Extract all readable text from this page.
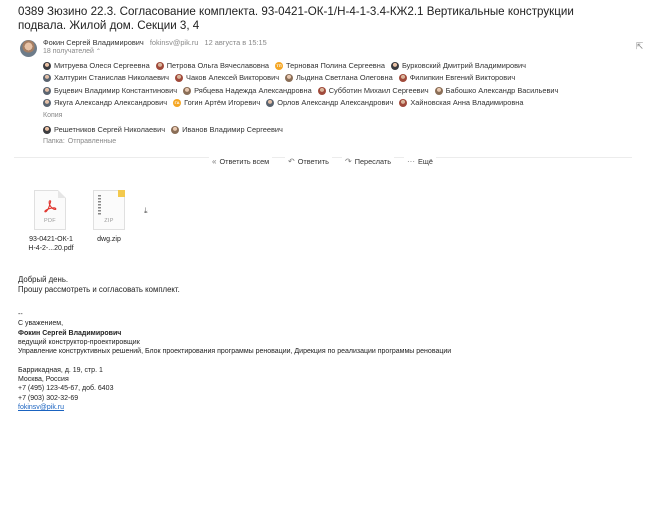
0389 Зюзино 22.3. Согласование комплекта. 93-0421-ОК-1/Н-4-1-3.4-КЖ2.1 Вертикальные конструкции подвала. Жилой дом. Секции 3, 4
⇱
Фокин Сергей Владимирович fokinsv@pik.ru 12 августа в 15:15
18 получателей ⌃
Митруева Олеся Сергеевна Петрова Ольга Вячеславовна	ТП Терновая Полина Сергеевна Бурковский Дмитрий Владимирович
Халтурин Станислав Николаевич Чаков Алексей Викторович Лыдина Светлана Олеговна Филипкин Евгений Викторович
Буцевич Владимир Константинович Рябцева Надежда Александровна Субботин Михаил Сергеевич Бабошко Александр Васильевич
Якуга Александр Александрович	ГА Гогин Артём Игоревич Орлов Александр Александрович Хайновская Анна Владимировна
Копия
Решетников Сергей Николаевич Иванов Владимир Сергеевич
Папка: Отправленные
« Ответить всем ↶ Ответить ↷ Переслать ··· Ещё
PDF
93-0421-ОК-1
Н-4-2-...20.pdf
ZIP
dwg.zip
⤓
Добрый день.
Прошу рассмотреть и согласовать комплект.
--
С уважением,
Фокин Сергей Владимирович
ведущий конструктор-проектировщик
Управление конструктивных решений, Блок проектирования программы реновации, Дирекция по реализации программы реновации
Баррикадная, д. 19, стр. 1
Москва, Россия
+7 (495) 123-45-67, доб. 6403
+7 (903) 302-32-69
fokinsv@pik.ru
